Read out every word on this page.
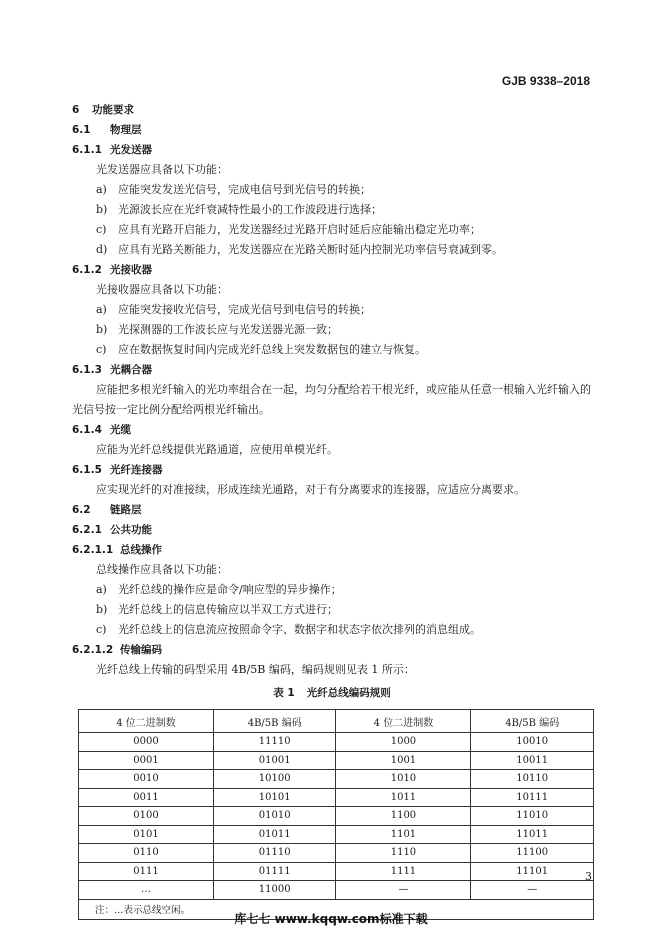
GJB 9338–2018
6 功能要求
6.1 物理层
6.1.1 光发送器
光发送器应具备以下功能：
a) 应能突发发送光信号，完成电信号到光信号的转换；
b) 光源波长应在光纤衰减特性最小的工作波段进行选择；
c) 应具有光路开启能力，光发送器经过光路开启时延后应能输出稳定光功率；
d) 应具有光路关断能力，光发送器应在光路关断时延内控制光功率信号衰减到零。
6.1.2 光接收器
光接收器应具备以下功能：
a) 应能突发接收光信号，完成光信号到电信号的转换；
b) 光探测器的工作波长应与光发送器光源一致；
c) 应在数据恢复时间内完成光纤总线上突发数据包的建立与恢复。
6.1.3 光耦合器
应能把多根光纤输入的光功率组合在一起，均匀分配给若干根光纤，或应能从任意一根输入光纤输入的光信号按一定比例分配给两根光纤输出。
6.1.4 光缆
应能为光纤总线提供光路通道，应使用单模光纤。
6.1.5 光纤连接器
应实现光纤的对准接续，形成连续光通路，对于有分离要求的连接器，应适应分离要求。
6.2 链路层
6.2.1 公共功能
6.2.1.1 总线操作
总线操作应具备以下功能：
a) 光纤总线的操作应是命令/响应型的异步操作；
b) 光纤总线上的信息传输应以半双工方式进行；
c) 光纤总线上的信息流应按照命令字、数据字和状态字依次排列的消息组成。
6.2.1.2 传输编码
光纤总线上传输的码型采用 4B/5B 编码，编码规则见表 1 所示：
表 1 光纤总线编码规则
4 位二进制数	4B/5B 编码	4 位二进制数	4B/5B 编码
0000	11110	1000	10010
0001	01001	1001	10011
0010	10100	1010	10110
0011	10101	1011	10111
0100	01010	1100	11010
0101	01011	1101	11011
0110	01110	1110	11100
0111	01111	1111	11101
…	11000	—	—
注：…表示总线空闲。			
3
库七七 www.kqqw.com标准下载
